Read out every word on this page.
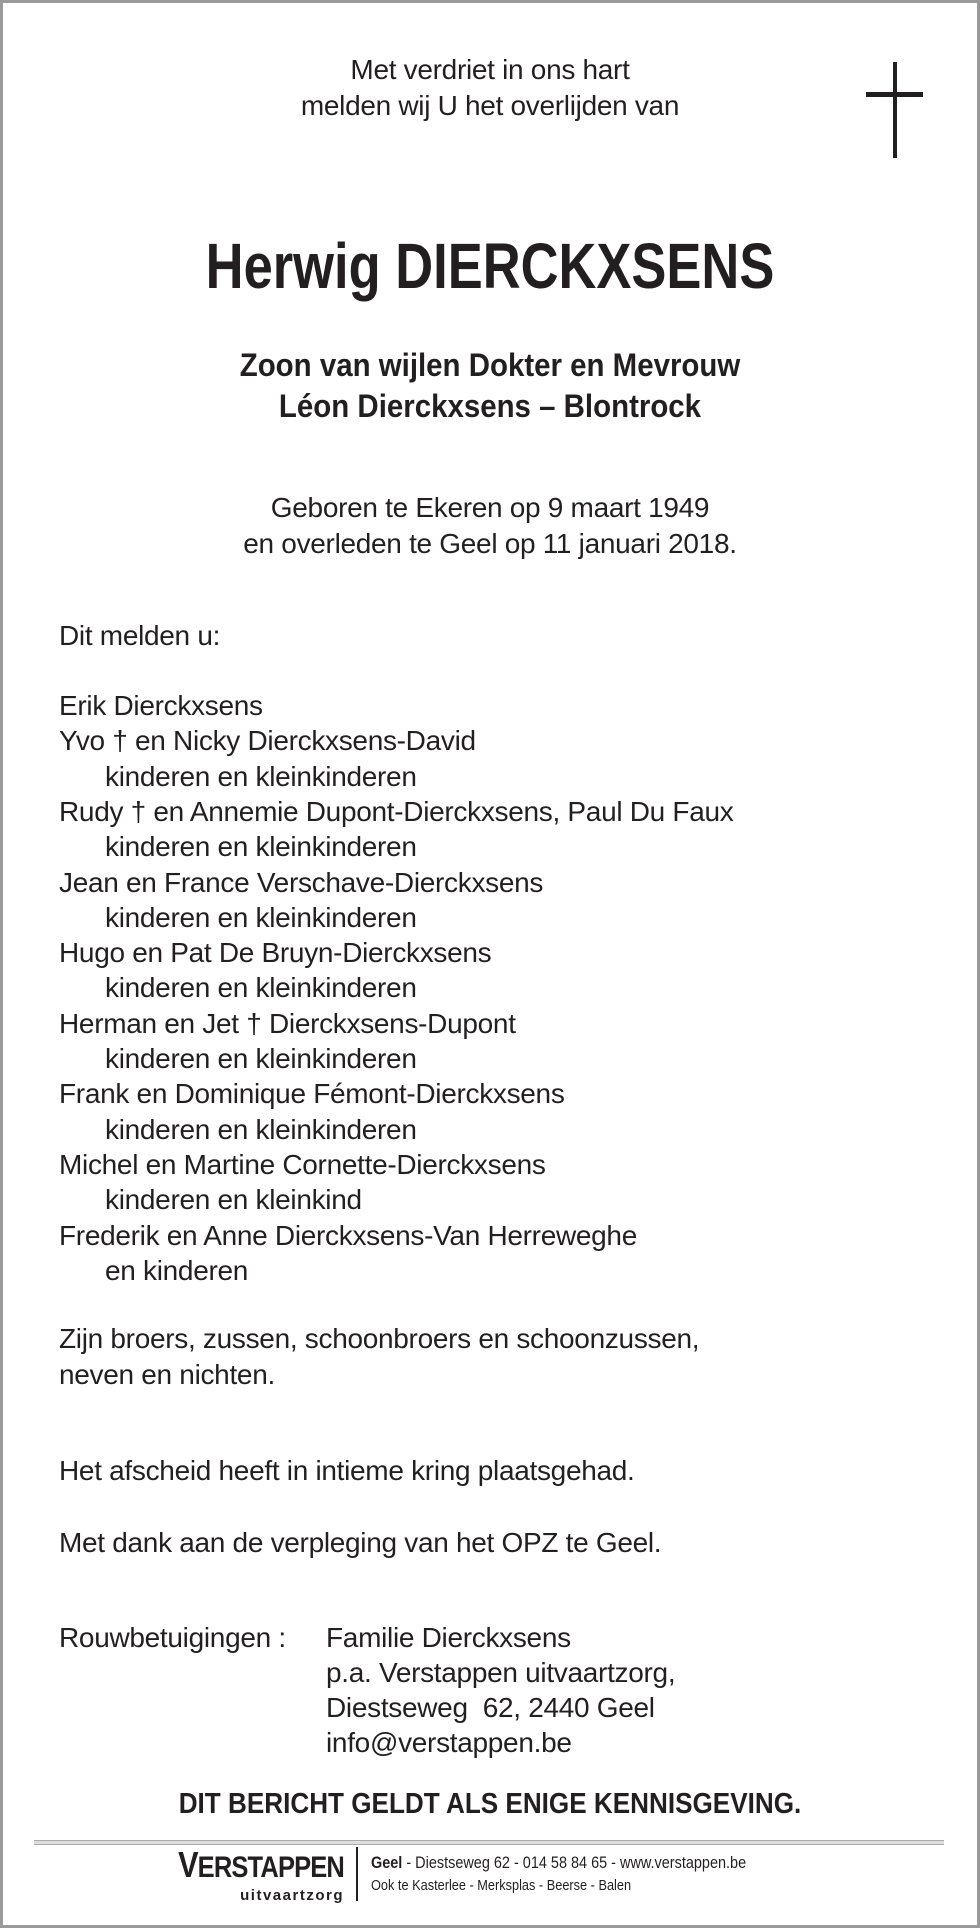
Met verdriet in ons hart
melden wij U het overlijden van
Herwig DIERCKXSENS
Zoon van wijlen Dokter en Mevrouw
Léon Dierckxsens – Blontrock
Geboren te Ekeren op 9 maart 1949
en overleden te Geel op 11 januari 2018.
Dit melden u:
Erik Dierckxsens
Yvo † en Nicky Dierckxsens-David
kinderen en kleinkinderen
Rudy † en Annemie Dupont-Dierckxsens, Paul Du Faux
kinderen en kleinkinderen
Jean en France Verschave-Dierckxsens
kinderen en kleinkinderen
Hugo en Pat De Bruyn-Dierckxsens
kinderen en kleinkinderen
Herman en Jet † Dierckxsens-Dupont
kinderen en kleinkinderen
Frank en Dominique Fémont-Dierckxsens
kinderen en kleinkinderen
Michel en Martine Cornette-Dierckxsens
kinderen en kleinkind
Frederik en Anne Dierckxsens-Van Herreweghe
en kinderen
Zijn broers, zussen, schoonbroers en schoonzussen,
neven en nichten.
Het afscheid heeft in intieme kring plaatsgehad.
Met dank aan de verpleging van het OPZ te Geel.
Rouwbetuigingen : Familie Dierckxsens
p.a. Verstappen uitvaartzorg,
Diestseweg  62, 2440 Geel
info@verstappen.be
DIT BERICHT GELDT ALS ENIGE KENNISGEVING.
VERSTAPPEN
uitvaartzorg
Geel - Diestseweg 62 - 014 58 84 65 - www.verstappen.be
Ook te Kasterlee - Merksplas - Beerse - Balen
